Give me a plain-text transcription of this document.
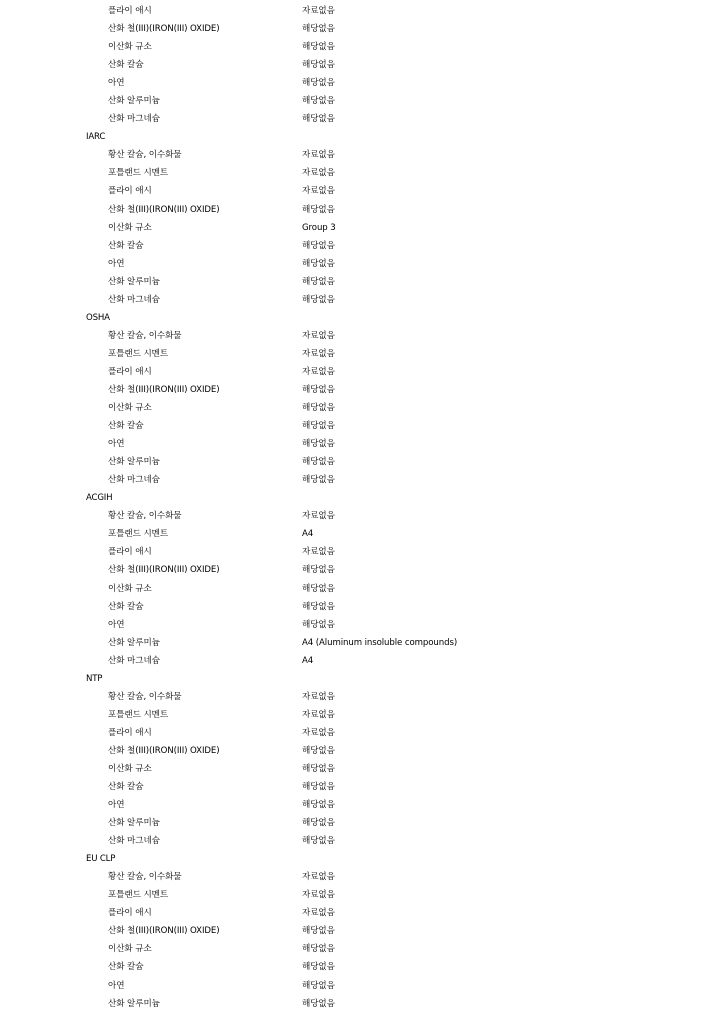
플라이 애시	자료없음
산화 철(III)(IRON(III) OXIDE)	해당없음
이산화 규소	해당없음
산화 칼슘	해당없음
아연	해당없음
산화 알루미늄	해당없음
산화 마그네슘	해당없음
IARC
황산 칼슘, 이수화물	자료없음
포틀랜드 시멘트	자료없음
플라이 애시	자료없음
산화 철(III)(IRON(III) OXIDE)	해당없음
이산화 규소	Group 3
산화 칼슘	해당없음
아연	해당없음
산화 알루미늄	해당없음
산화 마그네슘	해당없음
OSHA
황산 칼슘, 이수화물	자료없음
포틀랜드 시멘트	자료없음
플라이 애시	자료없음
산화 철(III)(IRON(III) OXIDE)	해당없음
이산화 규소	해당없음
산화 칼슘	해당없음
아연	해당없음
산화 알루미늄	해당없음
산화 마그네슘	해당없음
ACGIH
황산 칼슘, 이수화물	자료없음
포틀랜드 시멘트	A4
플라이 애시	자료없음
산화 철(III)(IRON(III) OXIDE)	해당없음
이산화 규소	해당없음
산화 칼슘	해당없음
아연	해당없음
산화 알루미늄	A4 (Aluminum insoluble compounds)
산화 마그네슘	A4
NTP
황산 칼슘, 이수화물	자료없음
포틀랜드 시멘트	자료없음
플라이 애시	자료없음
산화 철(III)(IRON(III) OXIDE)	해당없음
이산화 규소	해당없음
산화 칼슘	해당없음
아연	해당없음
산화 알루미늄	해당없음
산화 마그네슘	해당없음
EU CLP
황산 칼슘, 이수화물	자료없음
포틀랜드 시멘트	자료없음
플라이 애시	자료없음
산화 철(III)(IRON(III) OXIDE)	해당없음
이산화 규소	해당없음
산화 칼슘	해당없음
아연	해당없음
산화 알루미늄	해당없음
